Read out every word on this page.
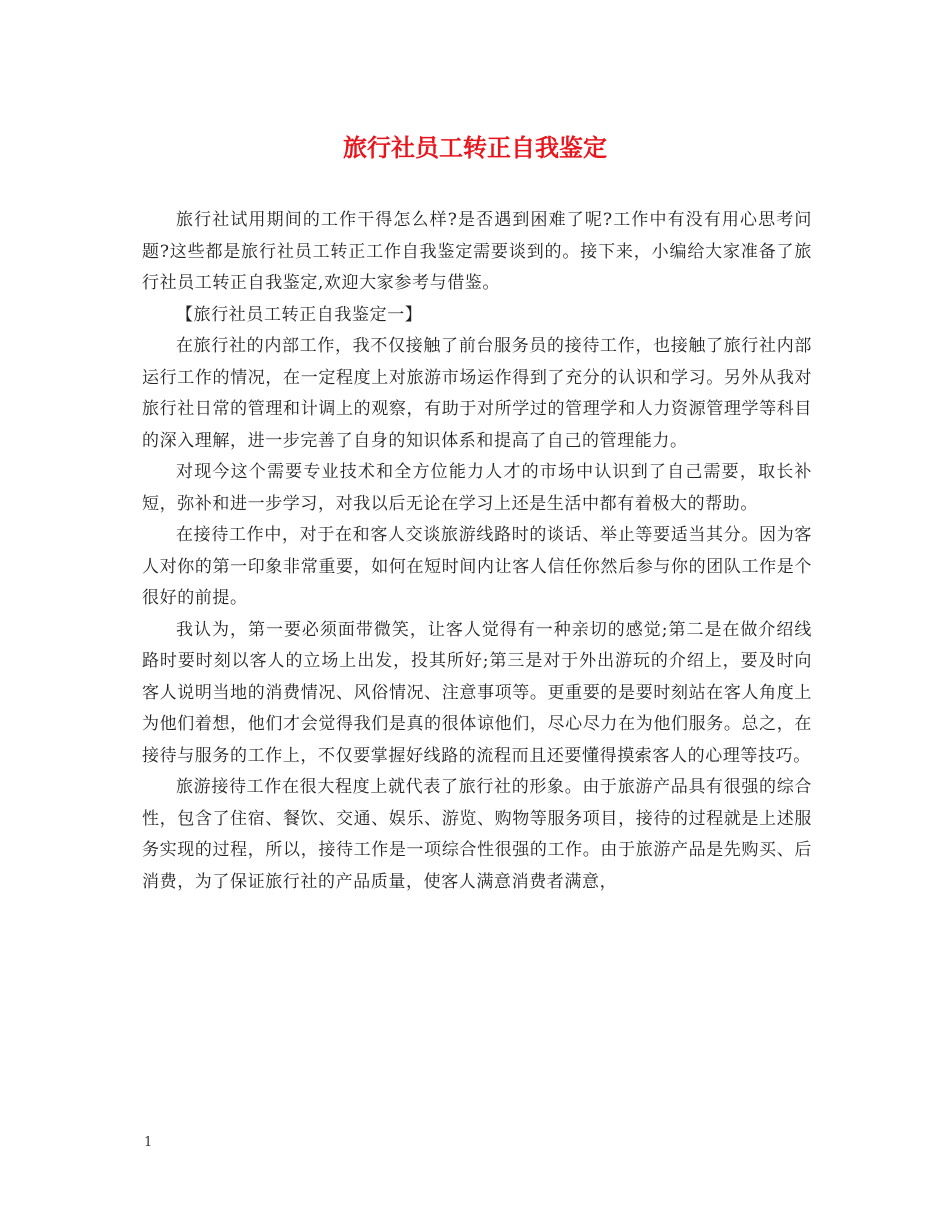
旅行社员工转正自我鉴定

旅行社试用期间的工作干得怎么样?是否遇到困难了呢?工作中有没有用心思考问题?这些都是旅行社员工转正工作自我鉴定需要谈到的。接下来，小编给大家准备了旅行社员工转正自我鉴定,欢迎大家参考与借鉴。

【旅行社员工转正自我鉴定一】

在旅行社的内部工作，我不仅接触了前台服务员的接待工作，也接触了旅行社内部运行工作的情况，在一定程度上对旅游市场运作得到了充分的认识和学习。另外从我对旅行社日常的管理和计调上的观察，有助于对所学过的管理学和人力资源管理学等科目的深入理解，进一步完善了自身的知识体系和提高了自己的管理能力。

对现今这个需要专业技术和全方位能力人才的市场中认识到了自己需要，取长补短，弥补和进一步学习，对我以后无论在学习上还是生活中都有着极大的帮助。

在接待工作中，对于在和客人交谈旅游线路时的谈话、举止等要适当其分。因为客人对你的第一印象非常重要，如何在短时间内让客人信任你然后参与你的团队工作是个很好的前提。

我认为，第一要必须面带微笑，让客人觉得有一种亲切的感觉;第二是在做介绍线路时要时刻以客人的立场上出发，投其所好;第三是对于外出游玩的介绍上，要及时向客人说明当地的消费情况、风俗情况、注意事项等。更重要的是要时刻站在客人角度上为他们着想，他们才会觉得我们是真的很体谅他们，尽心尽力在为他们服务。总之，在接待与服务的工作上，不仅要掌握好线路的流程而且还要懂得摸索客人的心理等技巧。

旅游接待工作在很大程度上就代表了旅行社的形象。由于旅游产品具有很强的综合性，包含了住宿、餐饮、交通、娱乐、游览、购物等服务项目，接待的过程就是上述服务实现的过程，所以，接待工作是一项综合性很强的工作。由于旅游产品是先购买、后消费，为了保证旅行社的产品质量，使客人满意消费者满意，

1
